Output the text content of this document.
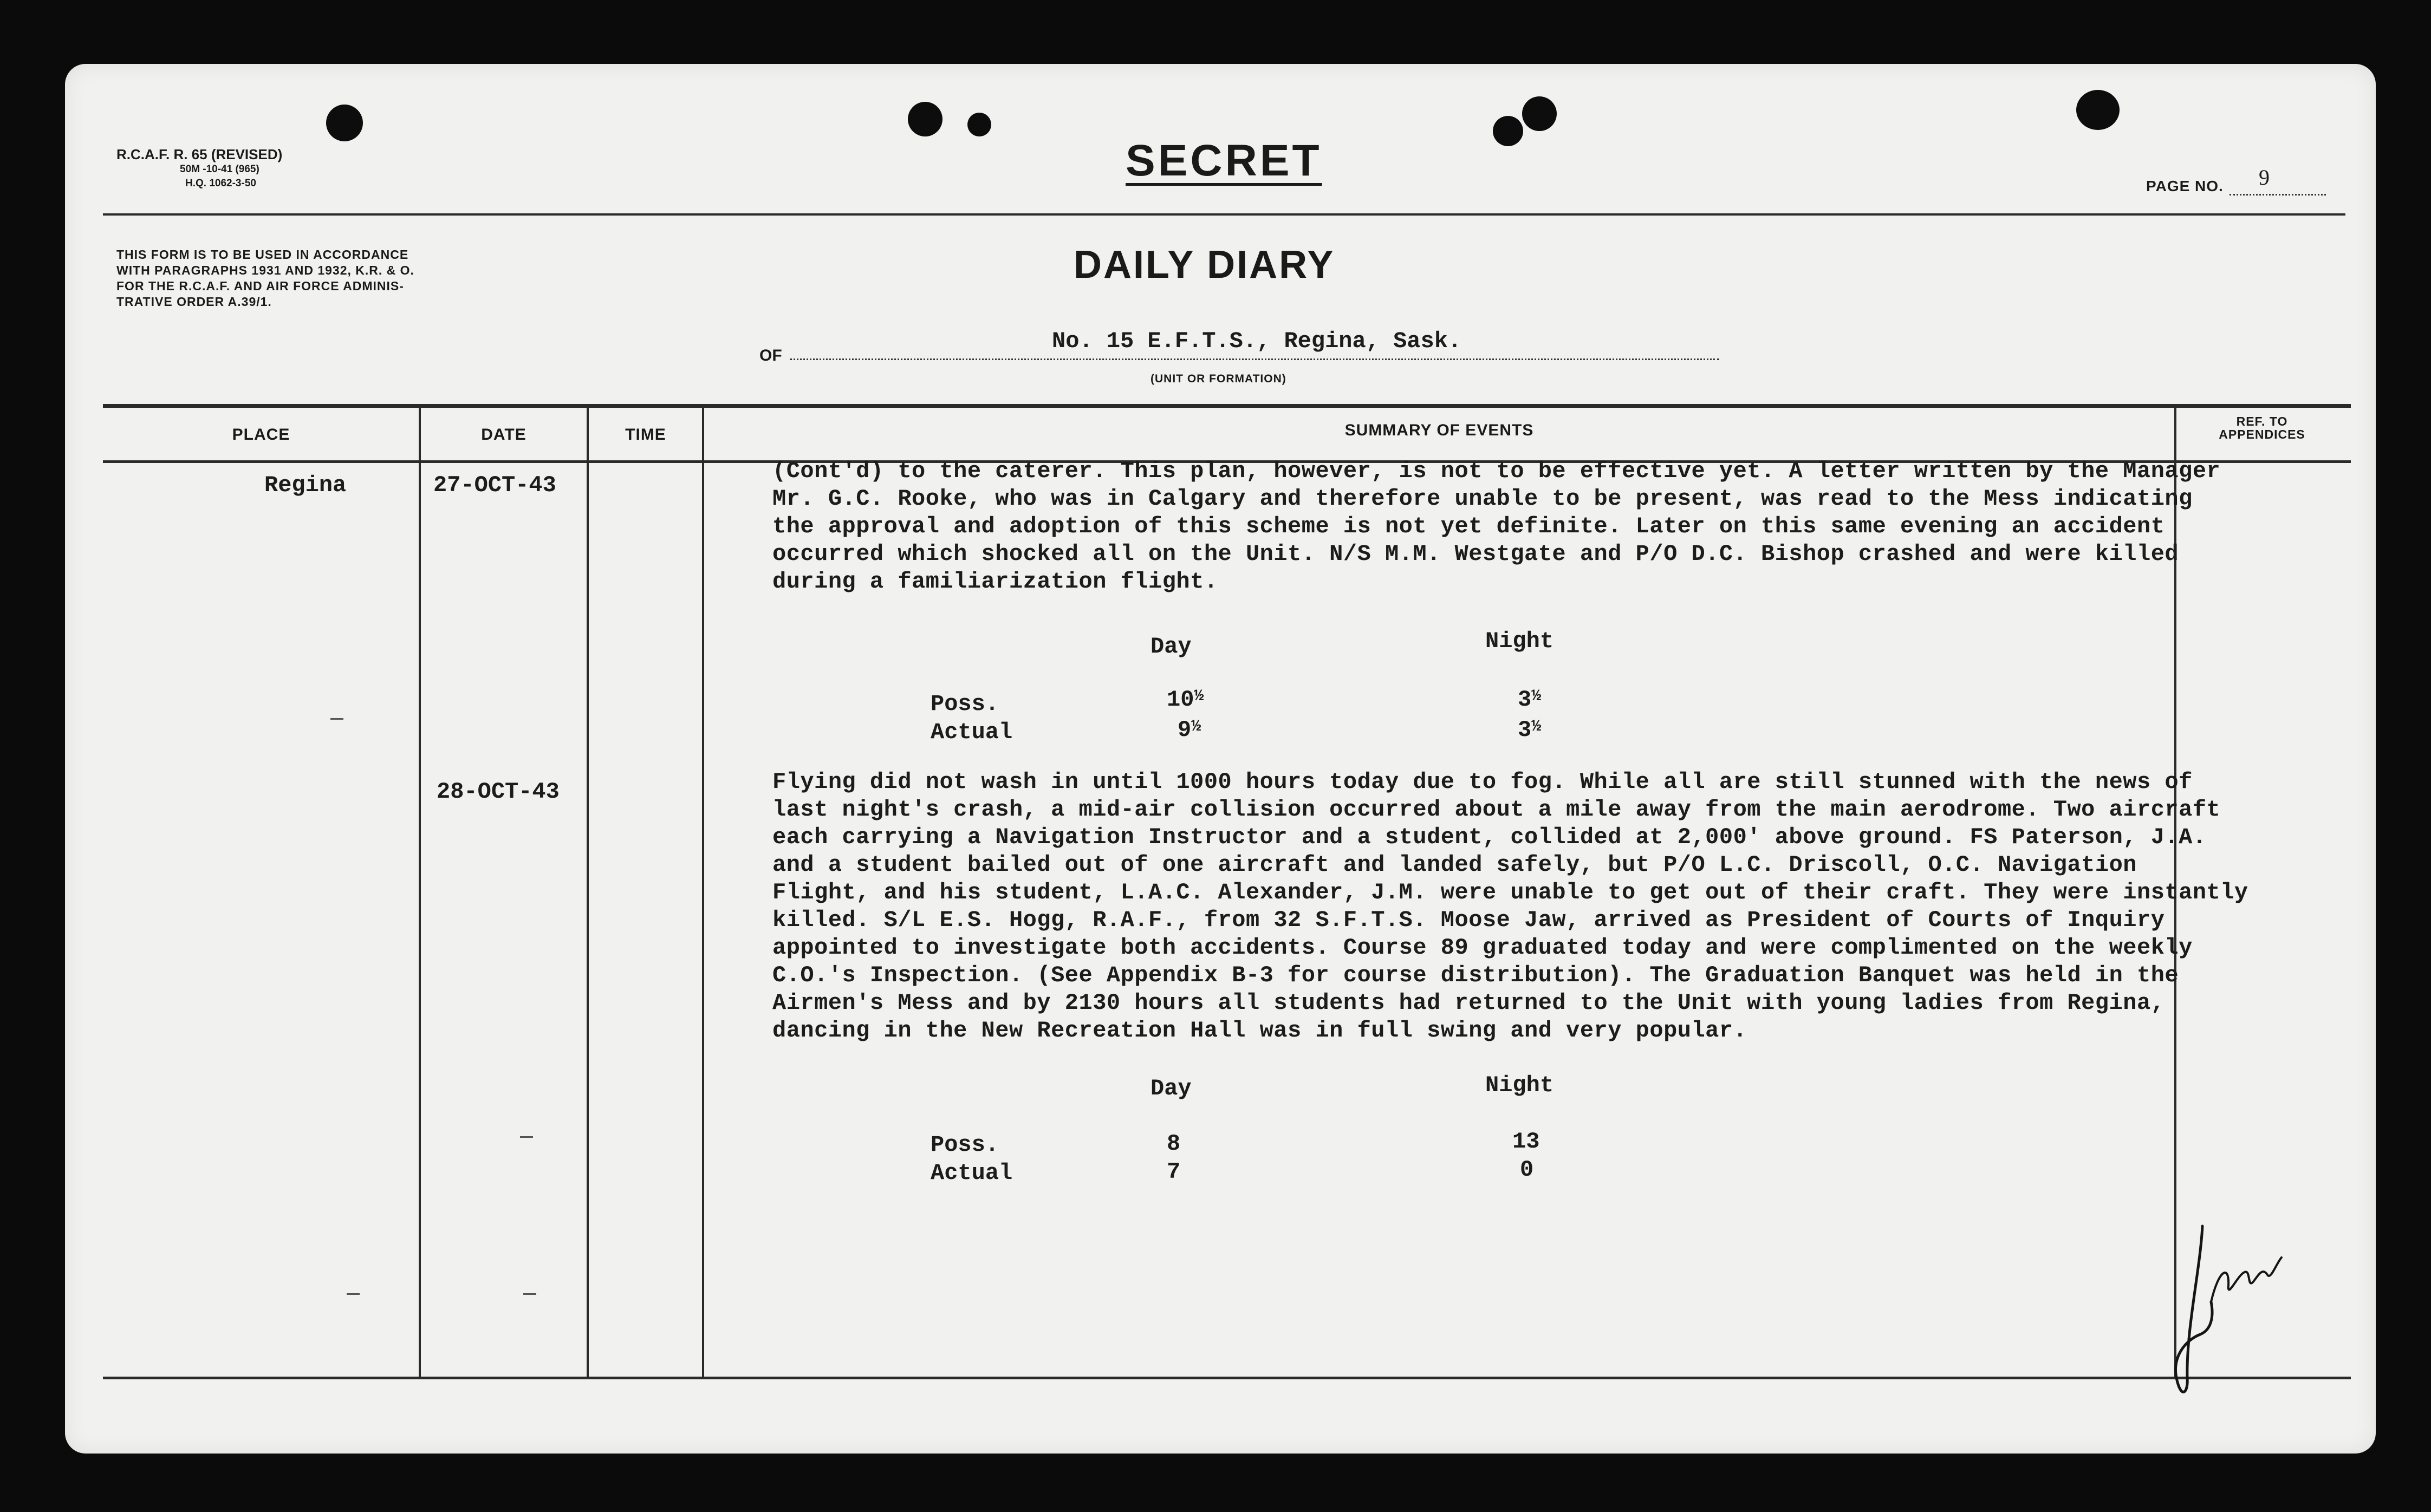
R.C.A.F. R. 65 (REVISED)
50M -10-41 (965)
H.Q. 1062-3-50	SECRET
PAGE NO. 9
THIS FORM IS TO BE USED IN ACCORDANCE
WITH PARAGRAPHS 1931 AND 1932, K.R. & O.
FOR THE R.C.A.F. AND AIR FORCE ADMINIS-
TRATIVE ORDER A.39/1.
DAILY DIARY
OF
No. 15 E.F.T.S., Regina, Sask.
(UNIT OR FORMATION)
PLACE	DATE	TIME	SUMMARY OF EVENTS	REF. TO
APPENDICES
Regina	27-OCT-43
(Cont'd) to the caterer. This plan, however, is not to be effective yet. A letter written by the Manager
Mr. G.C. Rooke, who was in Calgary and therefore unable to be present, was read to the Mess indicating
the approval and adoption of this scheme is not yet definite. Later on this same evening an accident
occurred which shocked all on the Unit. N/S M.M. Westgate and P/O D.C. Bishop crashed and were killed
during a familiarization flight.
Day	Night
Poss.	10½	3½
Actual	9½	3½
28-OCT-43	Flying did not wash in until 1000 hours today due to fog. While all are still stunned with the news of
last night's crash, a mid-air collision occurred about a mile away from the main aerodrome. Two aircraft
each carrying a Navigation Instructor and a student, collided at 2,000' above ground. FS Paterson, J.A.
and a student bailed out of one aircraft and landed safely, but P/O L.C. Driscoll, O.C. Navigation
Flight, and his student, L.A.C. Alexander, J.M. were unable to get out of their craft. They were instantly
killed. S/L E.S. Hogg, R.A.F., from 32 S.F.T.S. Moose Jaw, arrived as President of Courts of Inquiry
appointed to investigate both accidents. Course 89 graduated today and were complimented on the weekly
C.O.'s Inspection. (See Appendix B-3 for course distribution). The Graduation Banquet was held in the
Airmen's Mess and by 2130 hours all students had returned to the Unit with young ladies from Regina,
dancing in the New Recreation Hall was in full swing and very popular.
Day	Night
Poss.	8	13
Actual	7	0
